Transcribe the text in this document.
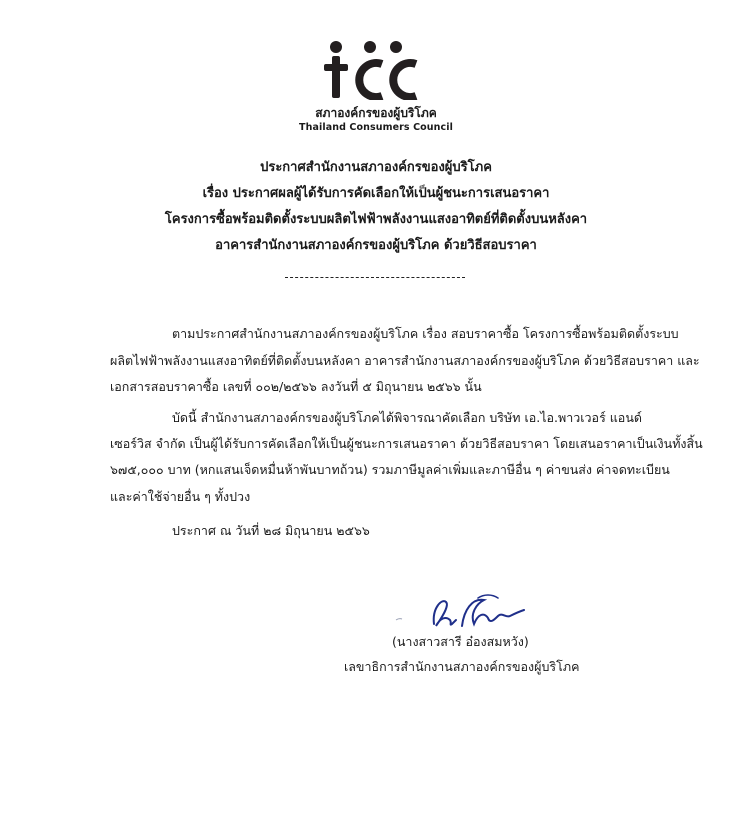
สภาองค์กรของผู้บริโภค
Thailand Consumers Council
ประกาศสำนักงานสภาองค์กรของผู้บริโภค
เรื่อง ประกาศผลผู้ได้รับการคัดเลือกให้เป็นผู้ชนะการเสนอราคา
โครงการซื้อพร้อมติดตั้งระบบผลิตไฟฟ้าพลังงานแสงอาทิตย์ที่ติดตั้งบนหลังคา
อาคารสำนักงานสภาองค์กรของผู้บริโภค ด้วยวิธีสอบราคา
ตามประกาศสำนักงานสภาองค์กรของผู้บริโภค เรื่อง สอบราคาซื้อ โครงการซื้อพร้อมติดตั้งระบบ
ผลิตไฟฟ้าพลังงานแสงอาทิตย์ที่ติดตั้งบนหลังคา อาคารสำนักงานสภาองค์กรของผู้บริโภค ด้วยวิธีสอบราคา และ
เอกสารสอบราคาซื้อ เลขที่ ๐๐๒/๒๕๖๖ ลงวันที่ ๕ มิถุนายน ๒๕๖๖ นั้น
บัดนี้ สำนักงานสภาองค์กรของผู้บริโภคได้พิจารณาคัดเลือก บริษัท เอ.ไอ.พาวเวอร์ แอนด์
เซอร์วิส จำกัด เป็นผู้ได้รับการคัดเลือกให้เป็นผู้ชนะการเสนอราคา ด้วยวิธีสอบราคา โดยเสนอราคาเป็นเงินทั้งสิ้น
๖๗๕,๐๐๐ บาท (หกแสนเจ็ดหมื่นห้าพันบาทถ้วน) รวมภาษีมูลค่าเพิ่มและภาษีอื่น ๆ ค่าขนส่ง ค่าจดทะเบียน
และค่าใช้จ่ายอื่น ๆ ทั้งปวง
ประกาศ ณ วันที่ ๒๘ มิถุนายน ๒๕๖๖
(นางสาวสารี อ๋องสมหวัง)
เลขาธิการสำนักงานสภาองค์กรของผู้บริโภค
